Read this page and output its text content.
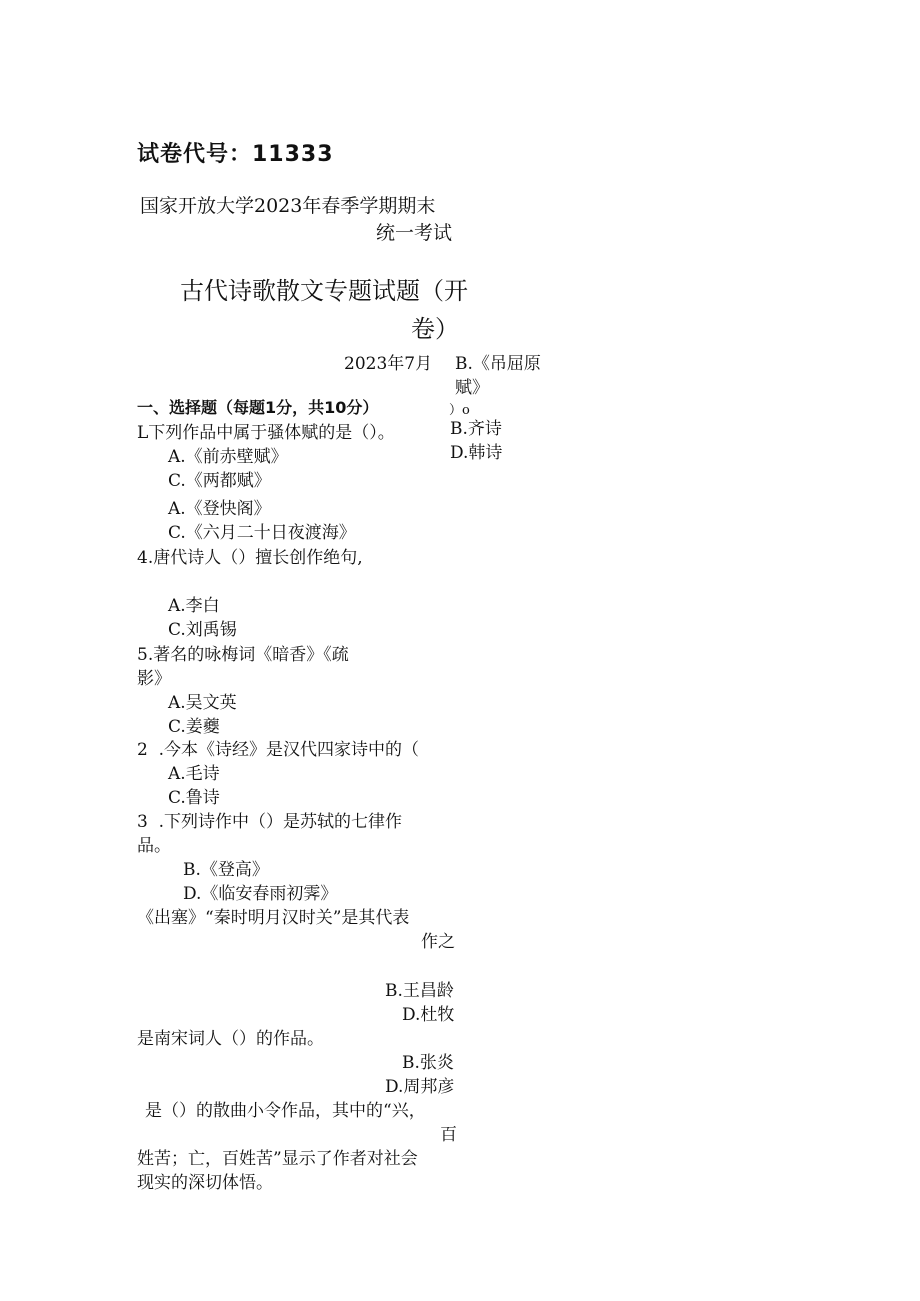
试卷代号：11333
国家开放大学2023年春季学期期末
统一考试
古代诗歌散文专题试题（开
卷）
2023年7月
一、选择题（每题1分，共10分）
B.《吊屈原
赋》
）o
B.齐诗
D.韩诗
L下列作品中属于骚体赋的是（）。
A.《前赤壁赋》
C.《两都赋》
A.《登快阁》
C.《六月二十日夜渡海》
4.唐代诗人（）擅长创作绝句,
A.李白
C.刘禹锡
5.著名的咏梅词《暗香》《疏
影》
A.吴文英
C.姜夔
2  .今本《诗经》是汉代四家诗中的（
A.毛诗
C.鲁诗
3  .下列诗作中（）是苏轼的七律作
品。
B.《登高》
D.《临安春雨初霁》
《出塞》“秦时明月汉时关”是其代表
作之
B.王昌龄
D.杜牧
是南宋词人（）的作品。
B.张炎
D.周邦彦
是（）的散曲小令作品，其中的“兴，
百
姓苦；亡，百姓苦”显示了作者对社会
现实的深切体悟。
